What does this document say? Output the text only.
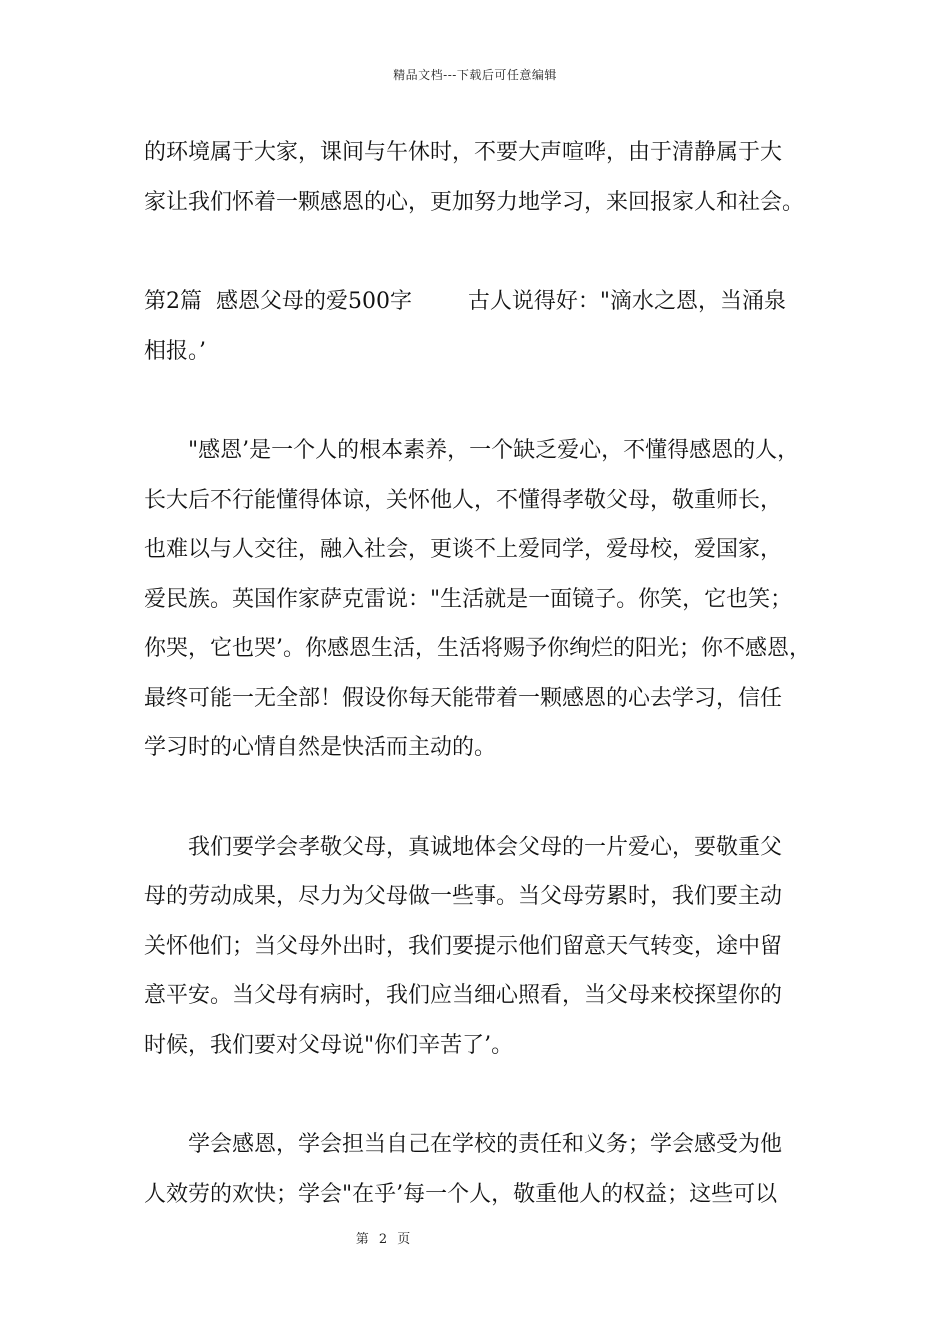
精品文档---下载后可任意编辑
的环境属于大家，课间与午休时，不要大声喧哗，由于清静属于大
家让我们怀着一颗感恩的心，更加努力地学习，来回报家人和社会。
第2篇  感恩父母的爱500字        古人说得好："滴水之恩，当涌泉
相报。’
"感恩’是一个人的根本素养，一个缺乏爱心，不懂得感恩的人，
长大后不行能懂得体谅，关怀他人，不懂得孝敬父母，敬重师长，
也难以与人交往，融入社会，更谈不上爱同学，爱母校，爱国家，
爱民族。英国作家萨克雷说："生活就是一面镜子。你笑，它也笑；
你哭，它也哭’。你感恩生活，生活将赐予你绚烂的阳光；你不感恩，
最终可能一无全部！假设你每天能带着一颗感恩的心去学习，信任
学习时的心情自然是快活而主动的。
我们要学会孝敬父母，真诚地体会父母的一片爱心，要敬重父
母的劳动成果，尽力为父母做一些事。当父母劳累时，我们要主动
关怀他们；当父母外出时，我们要提示他们留意天气转变，途中留
意平安。当父母有病时，我们应当细心照看，当父母来校探望你的
时候，我们要对父母说"你们辛苦了’。
学会感恩，学会担当自己在学校的责任和义务；学会感受为他
人效劳的欢快；学会"在乎’每一个人，敬重他人的权益；这些可以
第 2 页
